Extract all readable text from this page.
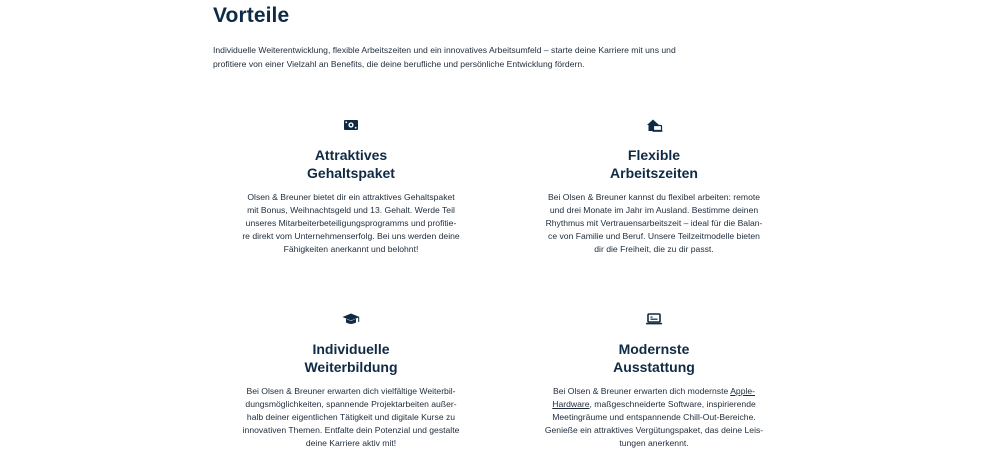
Vorteile

Individuelle Weiterentwicklung, flexible Arbeitszeiten und ein innovatives Arbeitsumfeld – starte deine Karriere mit uns und
profitiere von einer Vielzahl an Benefits, die deine berufliche und persönliche Entwicklung fördern.

Attraktives
Gehaltspaket

Olsen & Breuner bietet dir ein attraktives Gehaltspaket
mit Bonus, Weihnachtsgeld und 13. Gehalt. Werde Teil
unseres Mitarbeiterbeteiligungsprogramms und profitie-
re direkt vom Unternehmenserfolg. Bei uns werden deine
Fähigkeiten anerkannt und belohnt!

Flexible
Arbeitszeiten

Bei Olsen & Breuner kannst du flexibel arbeiten: remote
und drei Monate im Jahr im Ausland. Bestimme deinen
Rhythmus mit Vertrauensarbeitszeit – ideal für die Balan-
ce von Familie und Beruf. Unsere Teilzeitmodelle bieten
dir die Freiheit, die zu dir passt.

Individuelle
Weiterbildung

Bei Olsen & Breuner erwarten dich vielfältige Weiterbil-
dungsmöglichkeiten, spannende Projektarbeiten außer-
halb deiner eigentlichen Tätigkeit und digitale Kurse zu
innovativen Themen. Entfalte dein Potenzial und gestalte
deine Karriere aktiv mit!

Modernste
Ausstattung

Bei Olsen & Breuner erwarten dich modernste Apple-
Hardware, maßgeschneiderte Software, inspirierende
Meetingräume und entspannende Chill-Out-Bereiche.
Genieße ein attraktives Vergütungspaket, das deine Leis-
tungen anerkennt.
